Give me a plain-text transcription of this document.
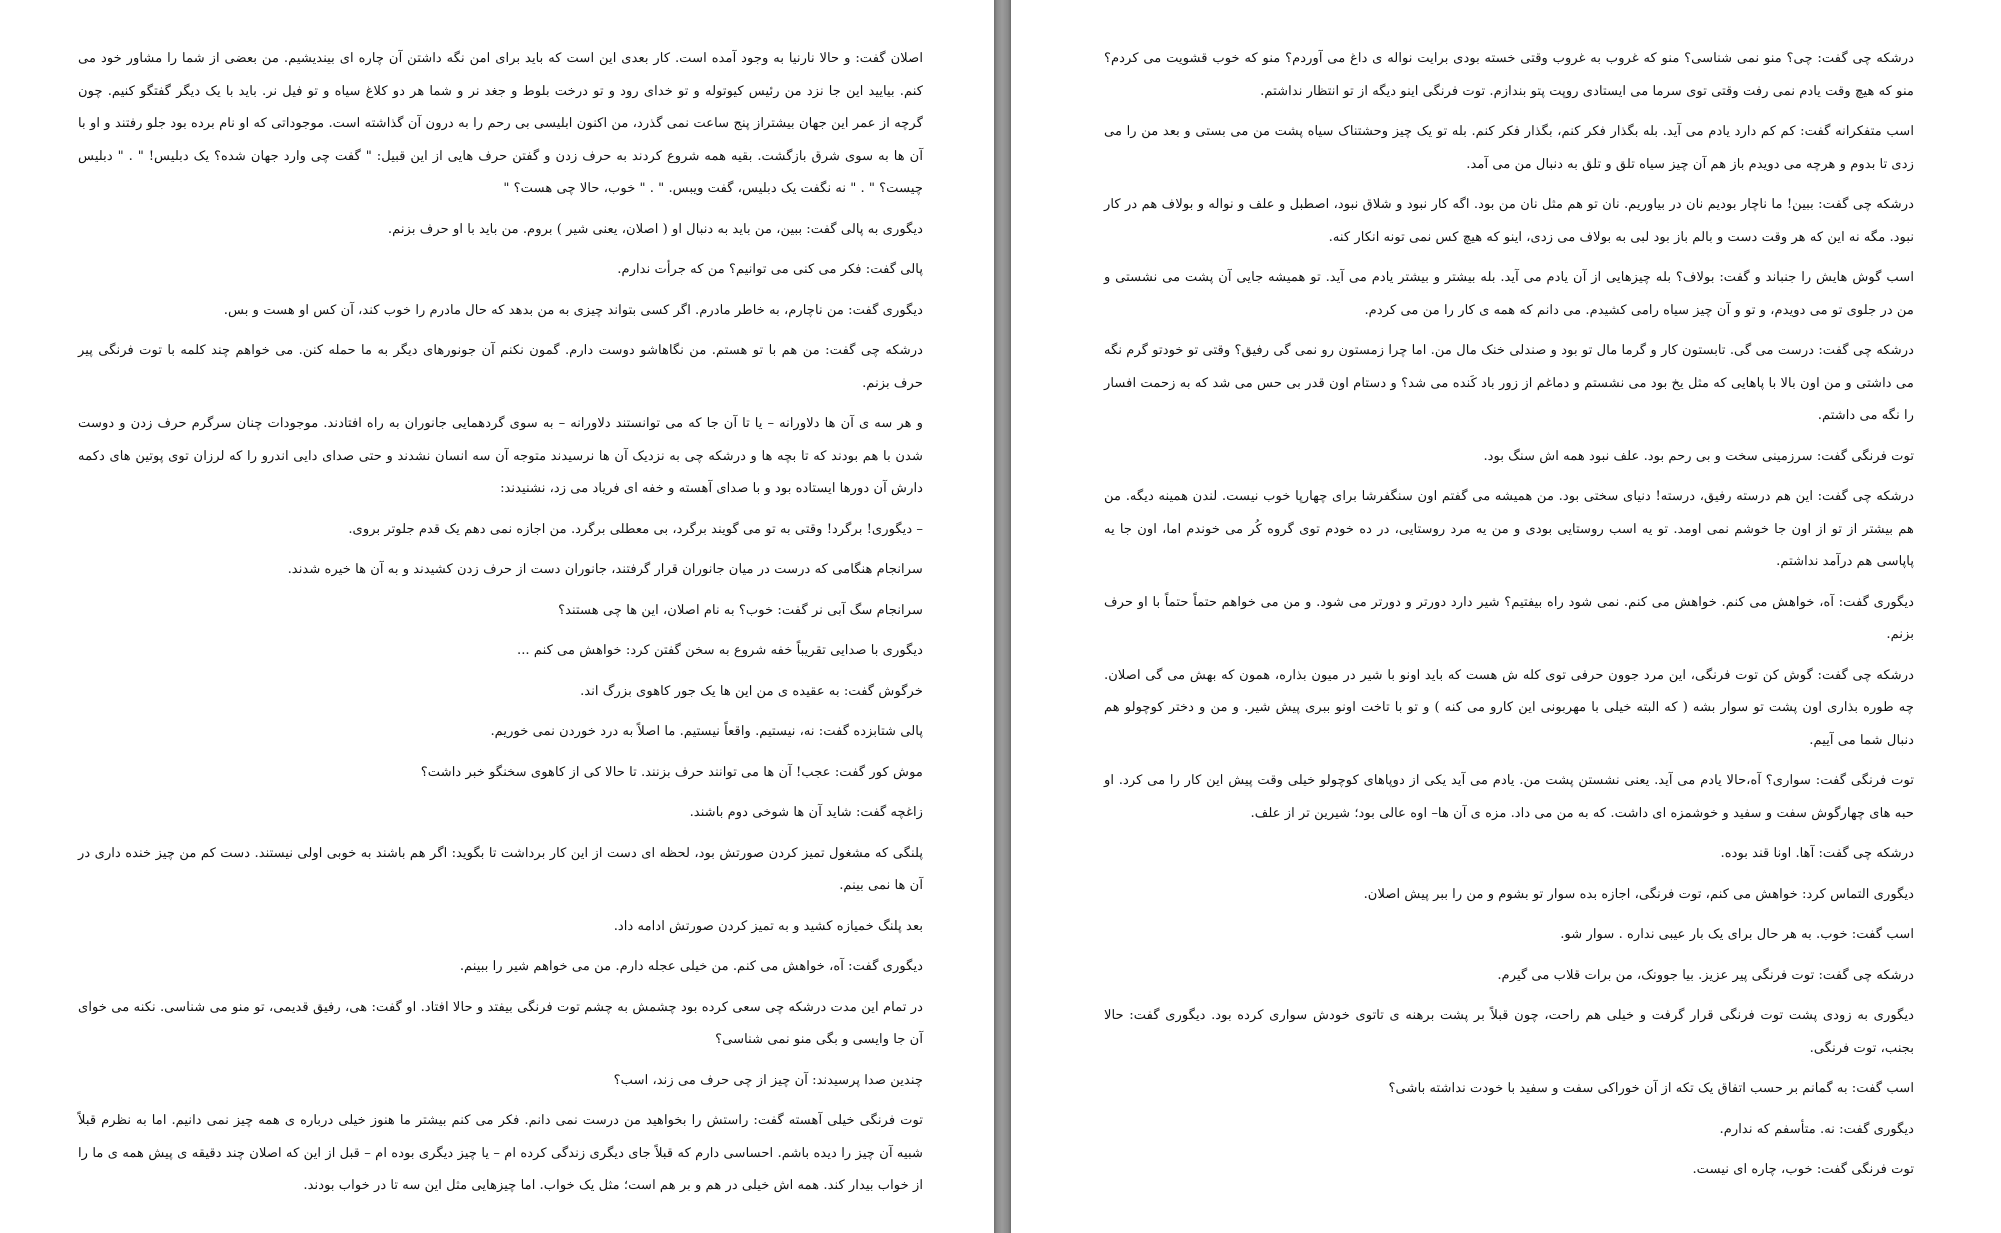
اصلان گفت: و حالا نارنیا به وجود آمده است. کار بعدی این است که باید برای امن نگه داشتن آن چاره ای بیندیشیم. من بعضی از شما را مشاور خود می کنم. بیایید این جا نزد من رئیس کیوتوله و تو خدای رود و تو درخت بلوط و جغد نر و شما هر دو کلاغ سیاه و تو فیل نر. باید با یک دیگر گفتگو کنیم. چون گرچه از عمر این جهان بیشتراز پنج ساعت نمی گذرد، من اکنون ابلیسی بی رحم را به درون آن گذاشته است. موجوداتی که او نام برده بود جلو رفتند و او با آن ها به سوی شرق بازگشت. بقیه همه شروع کردند به حرف زدن و گفتن حرف هایی از این قبیل: " گفت چی وارد جهان شده؟ یک دبلیس! " . " دبلیس چیست؟ " . " نه نگفت یک دبلیس، گفت ویبس. " . " خوب، حالا چی هست؟ "

دیگوری به پالی گفت: ببین، من باید به دنبال او ( اصلان، یعنی شیر ) بروم. من باید با او حرف بزنم.

پالی گفت: فکر می کنی می توانیم؟ من که جرأت ندارم.

دیگوری گفت: من ناچارم، به خاطر مادرم. اگر کسی بتواند چیزی به من بدهد که حال مادرم را خوب کند، آن کس او هست و بس.

درشکه چی گفت: من هم با تو هستم. من نگاهاشو دوست دارم. گمون نکنم آن جونورهای دیگر به ما حمله کنن. می خواهم چند کلمه با توت فرنگی پیر حرف بزنم.

و هر سه ی آن ها دلاورانه – یا تا آن جا که می توانستند دلاورانه – به سوی گردهمایی جانوران به راه افتادند. موجودات چنان سرگرم حرف زدن و دوست شدن با هم بودند که تا بچه ها و درشکه چی به نزدیک آن ها نرسیدند متوجه آن سه انسان نشدند و حتی صدای دایی اندرو را که لرزان توی پوتین های دکمه دارش آن دورها ایستاده بود و با صدای آهسته و خفه ای فریاد می زد، نشنیدند:

– دیگوری! برگرد! وقتی به تو می گویند برگرد، بی معطلی برگرد. من اجازه نمی دهم یک قدم جلوتر بروی.

سرانجام هنگامی که درست در میان جانوران قرار گرفتند، جانوران دست از حرف زدن کشیدند و به آن ها خیره شدند.

سرانجام سگ آبی نر گفت: خوب؟ به نام اصلان، این ها چی هستند؟

دیگوری با صدایی تقریباً خفه شروع به سخن گفتن کرد: خواهش می کنم ...

خرگوش گفت: به عقیده ی من این ها یک جور کاهوی بزرگ اند.

پالی شتابزده گفت: نه، نیستیم. واقعاً نیستیم. ما اصلاً به درد خوردن نمی خوریم.

موش کور گفت: عجب! آن ها می توانند حرف بزنند. تا حالا کی از کاهوی سخنگو خبر داشت؟

زاغچه گفت: شاید آن ها شوخی دوم باشند.

پلنگی که مشغول تمیز کردن صورتش بود، لحظه ای دست از این کار برداشت تا بگوید: اگر هم باشند به خوبی اولی نیستند. دست کم من چیز خنده داری در آن ها نمی بینم.

بعد پلنگ خمیازه کشید و به تمیز کردن صورتش ادامه داد.

دیگوری گفت: آه، خواهش می کنم. من خیلی عجله دارم. من می خواهم شیر را ببینم.

در تمام این مدت درشکه چی سعی کرده بود چشمش به چشم توت فرنگی بیفتد و حالا افتاد. او گفت: هی، رفیق قدیمی، تو منو می شناسی. نکنه می خوای آن جا وایسی و بگی منو نمی شناسی؟

چندین صدا پرسیدند: آن چیز از چی حرف می زند، اسب؟

توت فرنگی خیلی آهسته گفت: راستش را بخواهید من درست نمی دانم. فکر می کنم بیشتر ما هنوز خیلی درباره ی همه چیز نمی دانیم. اما به نظرم قبلاً شبیه آن چیز را دیده باشم. احساسی دارم که قبلاً جای دیگری زندگی کرده ام – یا چیز دیگری بوده ام – قبل از این که اصلان چند دقیقه ی پیش همه ی ما را از خواب بیدار کند. همه اش خیلی در هم و بر هم است؛ مثل یک خواب. اما چیزهایی مثل این سه تا در خواب بودند.

درشکه چی گفت: چی؟ منو نمی شناسی؟ منو که غروب به غروب وقتی خسته بودی برایت نواله ی داغ می آوردم؟ منو که خوب قشویت می کردم؟ منو که هیچ وقت یادم نمی رفت وقتی توی سرما می ایستادی روپت پتو بندازم. توت فرنگی اینو دیگه از تو انتظار نداشتم.

اسب متفکرانه گفت: کم کم دارد یادم می آید. بله بگذار فکر کنم، بگذار فکر کنم. بله تو یک چیز وحشتناک سیاه پشت من می بستی و بعد من را می زدی تا بدوم و هرچه می دویدم باز هم آن چیز سیاه تلق و تلق به دنبال من می آمد.

درشکه چی گفت: ببین! ما ناچار بودیم نان در بیاوریم. نان تو هم مثل نان من بود. اگه کار نبود و شلاق نبود، اصطبل و علف و نواله و بولاف هم در کار نبود. مگه نه این که هر وقت دست و بالم باز بود لبی به بولاف می زدی، اینو که هیچ کس نمی تونه انکار کنه.

اسب گوش هایش را جنباند و گفت: بولاف؟ بله چیزهایی از آن یادم می آید. بله بیشتر و بیشتر یادم می آید. تو همیشه جایی آن پشت می نشستی و من در جلوی تو می دویدم، و تو و آن چیز سیاه رامی کشیدم. می دانم که همه ی کار را من می کردم.

درشکه چی گفت: درست می گی. تابستون کار و گرما مال تو بود و صندلی خنک مال من. اما چرا زمستون رو نمی گی رفیق؟ وقتی تو خودتو گرم نگه می داشتی و من اون بالا با پاهایی که مثل یخ بود می نشستم و دماغم از زور باد کَنده می شد؟ و دستام اون قدر بی حس می شد که به زحمت افسار را نگه می داشتم.

توت فرنگی گفت: سرزمینی سخت و بی رحم بود. علف نبود همه اش سنگ بود.

درشکه چی گفت: این هم درسته رفیق، درسته! دنیای سختی بود. من همیشه می گفتم اون سنگفرشا برای چهارپا خوب نیست. لندن همینه دیگه. من هم بیشتر از تو از اون جا خوشم نمی اومد. تو یه اسب روستایی بودی و من یه مرد روستایی، در ده خودم توی گروه کُر می خوندم اما، اون جا یه پاپاسی هم درآمد نداشتم.

دیگوری گفت: آه، خواهش می کنم. خواهش می کنم. نمی شود راه بیفتیم؟ شیر دارد دورتر و دورتر می شود. و من می خواهم حتماً حتماً با او حرف بزنم.

درشکه چی گفت: گوش کن توت فرنگی، این مرد جوون حرفی توی کله ش هست که باید اونو با شیر در میون بذاره، همون که بهش می گی اصلان. چه طوره بذاری اون پشت تو سوار بشه ( که البته خیلی با مهربونی این کارو می کنه ) و تو با تاخت اونو ببری پیش شیر. و من و دختر کوچولو هم دنبال شما می آییم.

توت فرنگی گفت: سواری؟ آه،حالا یادم می آید. یعنی نشستن پشت من. یادم می آید یکی از دوپاهای کوچولو خیلی وقت پیش این کار را می کرد. او حبه های چهارگوش سفت و سفید و خوشمزه ای داشت. که به من می داد. مزه ی آن ها– اوه عالی بود؛ شیرین تر از علف.

درشکه چی گفت: آها. اونا قند بوده.

دیگوری التماس کرد: خواهش می کنم، توت فرنگی، اجازه بده سوار تو بشوم و من را ببر پیش اصلان.

اسب گفت: خوب. به هر حال برای یک بار عیبی نداره . سوار شو.

درشکه چی گفت: توت فرنگی پیر عزیز. بیا جوونک، من برات قلاب می گیرم.

دیگوری به زودی پشت توت فرنگی قرار گرفت و خیلی هم راحت، چون قبلاً بر پشت برهنه ی تاتوی خودش سواری کرده بود. دیگوری گفت: حالا بجنب، توت فرنگی.

اسب گفت: به گمانم بر حسب اتفاق یک تکه از آن خوراکی سفت و سفید با خودت نداشته باشی؟

دیگوری گفت: نه. متأسفم که ندارم.

توت فرنگی گفت: خوب، چاره ای نیست.
